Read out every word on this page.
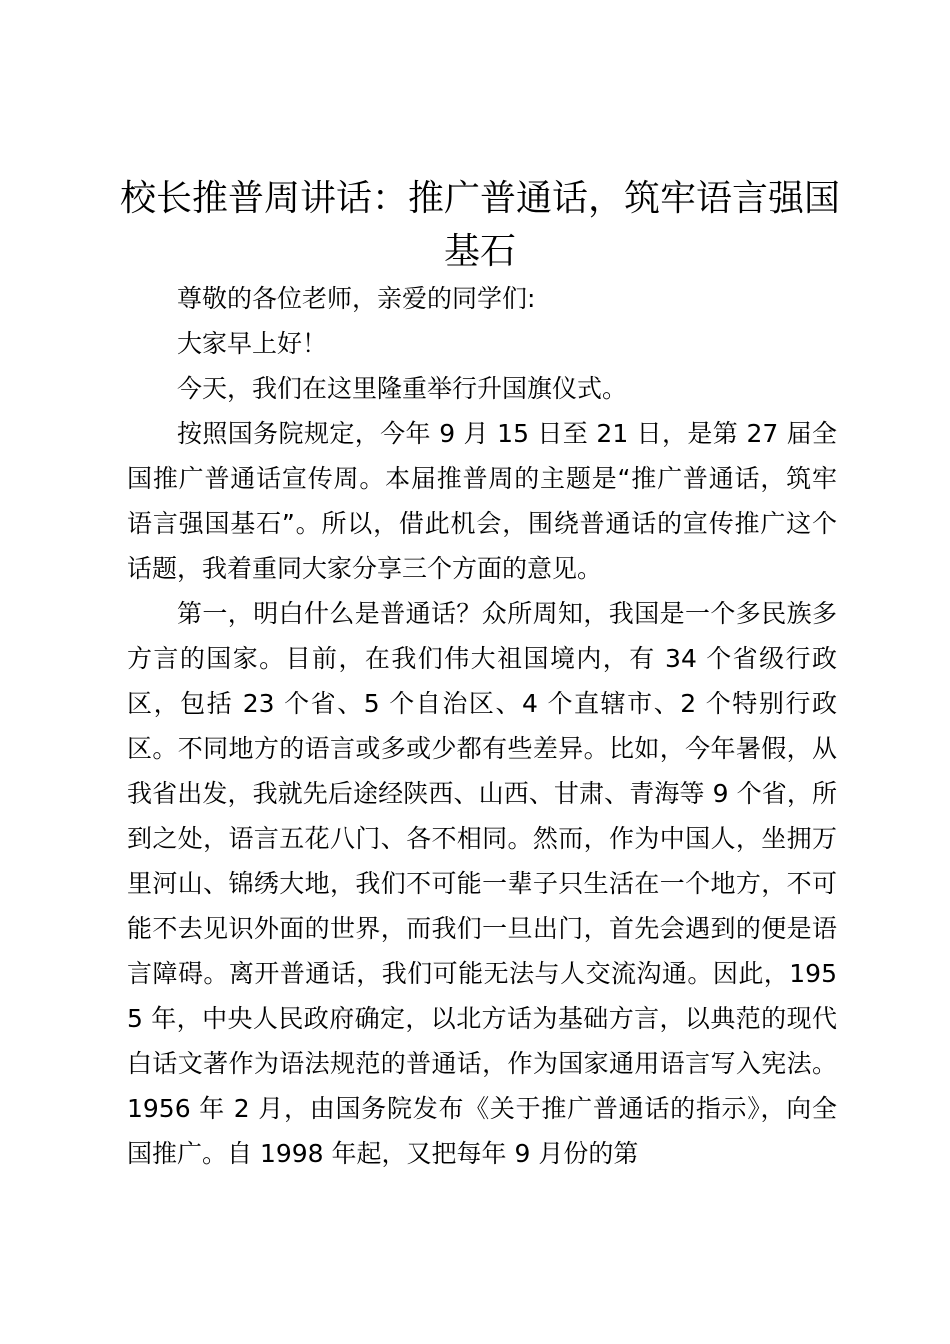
校长推普周讲话：推广普通话，筑牢语言强国基石

尊敬的各位老师，亲爱的同学们:

大家早上好！

今天，我们在这里隆重举行升国旗仪式。

按照国务院规定，今年 9 月 15 日至 21 日，是第 27 届全国推广普通话宣传周。本届推普周的主题是“推广普通话，筑牢语言强国基石”。所以，借此机会，围绕普通话的宣传推广这个话题，我着重同大家分享三个方面的意见。

第一，明白什么是普通话？众所周知，我国是一个多民族多方言的国家。目前，在我们伟大祖国境内，有 34 个省级行政区，包括 23 个省、5 个自治区、4 个直辖市、2 个特别行政区。不同地方的语言或多或少都有些差异。比如，今年暑假，从我省出发，我就先后途经陕西、山西、甘肃、青海等 9 个省，所到之处，语言五花八门、各不相同。然而，作为中国人，坐拥万里河山、锦绣大地，我们不可能一辈子只生活在一个地方，不可能不去见识外面的世界，而我们一旦出门，首先会遇到的便是语言障碍。离开普通话，我们可能无法与人交流沟通。因此，1955 年，中央人民政府确定，以北方话为基础方言，以典范的现代白话文著作为语法规范的普通话，作为国家通用语言写入宪法。1956 年 2 月，由国务院发布《关于推广普通话的指示》，向全国推广。自 1998 年起，又把每年 9 月份的第
